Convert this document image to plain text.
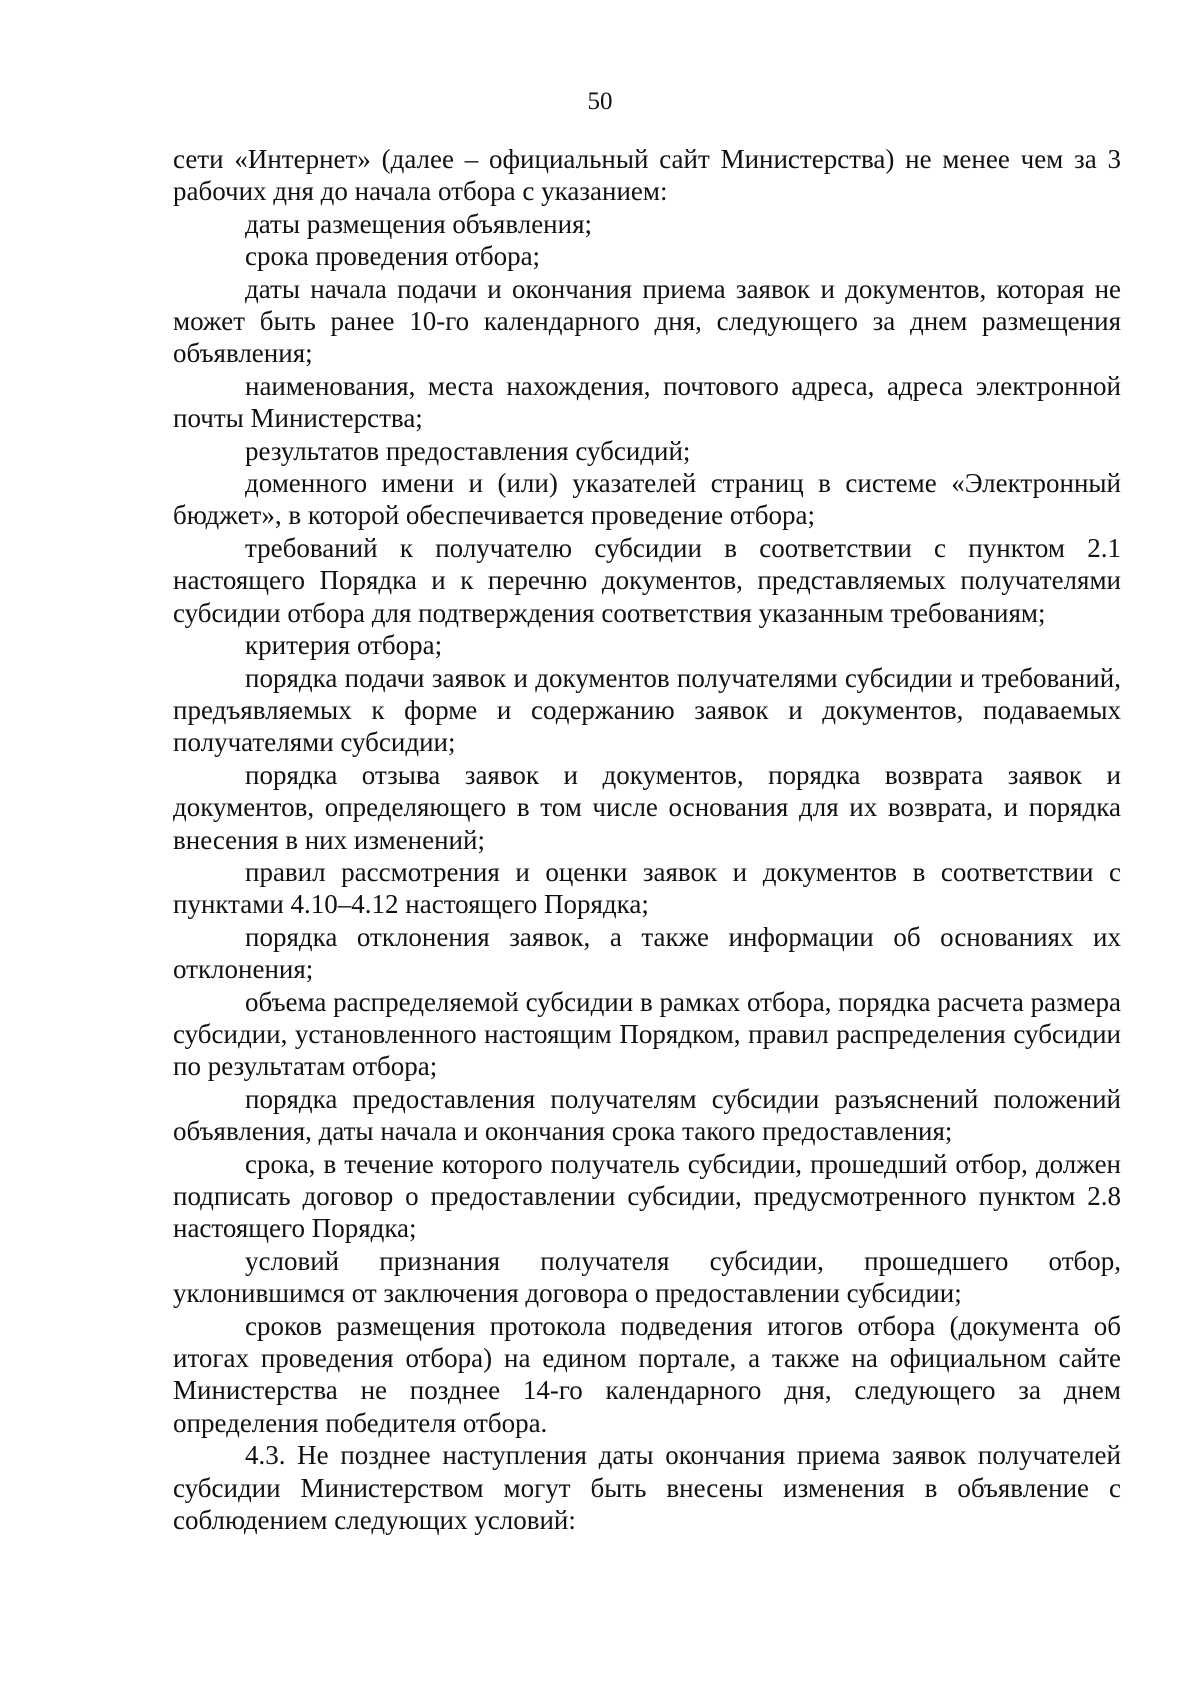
50

сети «Интернет» (далее – официальный сайт Министерства) не менее чем за 3 рабочих дня до начала отбора с указанием:

даты размещения объявления;

срока проведения отбора;

даты начала подачи и окончания приема заявок и документов, которая не может быть ранее 10-го календарного дня, следующего за днем размещения объявления;

наименования, места нахождения, почтового адреса, адреса электронной почты Министерства;

результатов предоставления субсидий;

доменного имени и (или) указателей страниц в системе «Электронный бюджет», в которой обеспечивается проведение отбора;

требований к получателю субсидии в соответствии с пунктом 2.1 настоящего Порядка и к перечню документов, представляемых получателями субсидии отбора для подтверждения соответствия указанным требованиям;

критерия отбора;

порядка подачи заявок и документов получателями субсидии и требований, предъявляемых к форме и содержанию заявок и документов, подаваемых получателями субсидии;

порядка отзыва заявок и документов, порядка возврата заявок и документов, определяющего в том числе основания для их возврата, и порядка внесения в них изменений;

правил рассмотрения и оценки заявок и документов в соответствии с пунктами 4.10–4.12 настоящего Порядка;

порядка отклонения заявок, а также информации об основаниях их отклонения;

объема распределяемой субсидии в рамках отбора, порядка расчета размера субсидии, установленного настоящим Порядком, правил распределения субсидии по результатам отбора;

порядка предоставления получателям субсидии разъяснений положений объявления, даты начала и окончания срока такого предоставления;

срока, в течение которого получатель субсидии, прошедший отбор, должен подписать договор о предоставлении субсидии, предусмотренного пунктом 2.8 настоящего Порядка;

условий признания получателя субсидии, прошедшего отбор, уклонившимся от заключения договора о предоставлении субсидии;

сроков размещения протокола подведения итогов отбора (документа об итогах проведения отбора) на едином портале, а также на официальном сайте Министерства не позднее 14-го календарного дня, следующего за днем определения победителя отбора.

4.3. Не позднее наступления даты окончания приема заявок получателей субсидии Министерством могут быть внесены изменения в объявление с соблюдением следующих условий:
